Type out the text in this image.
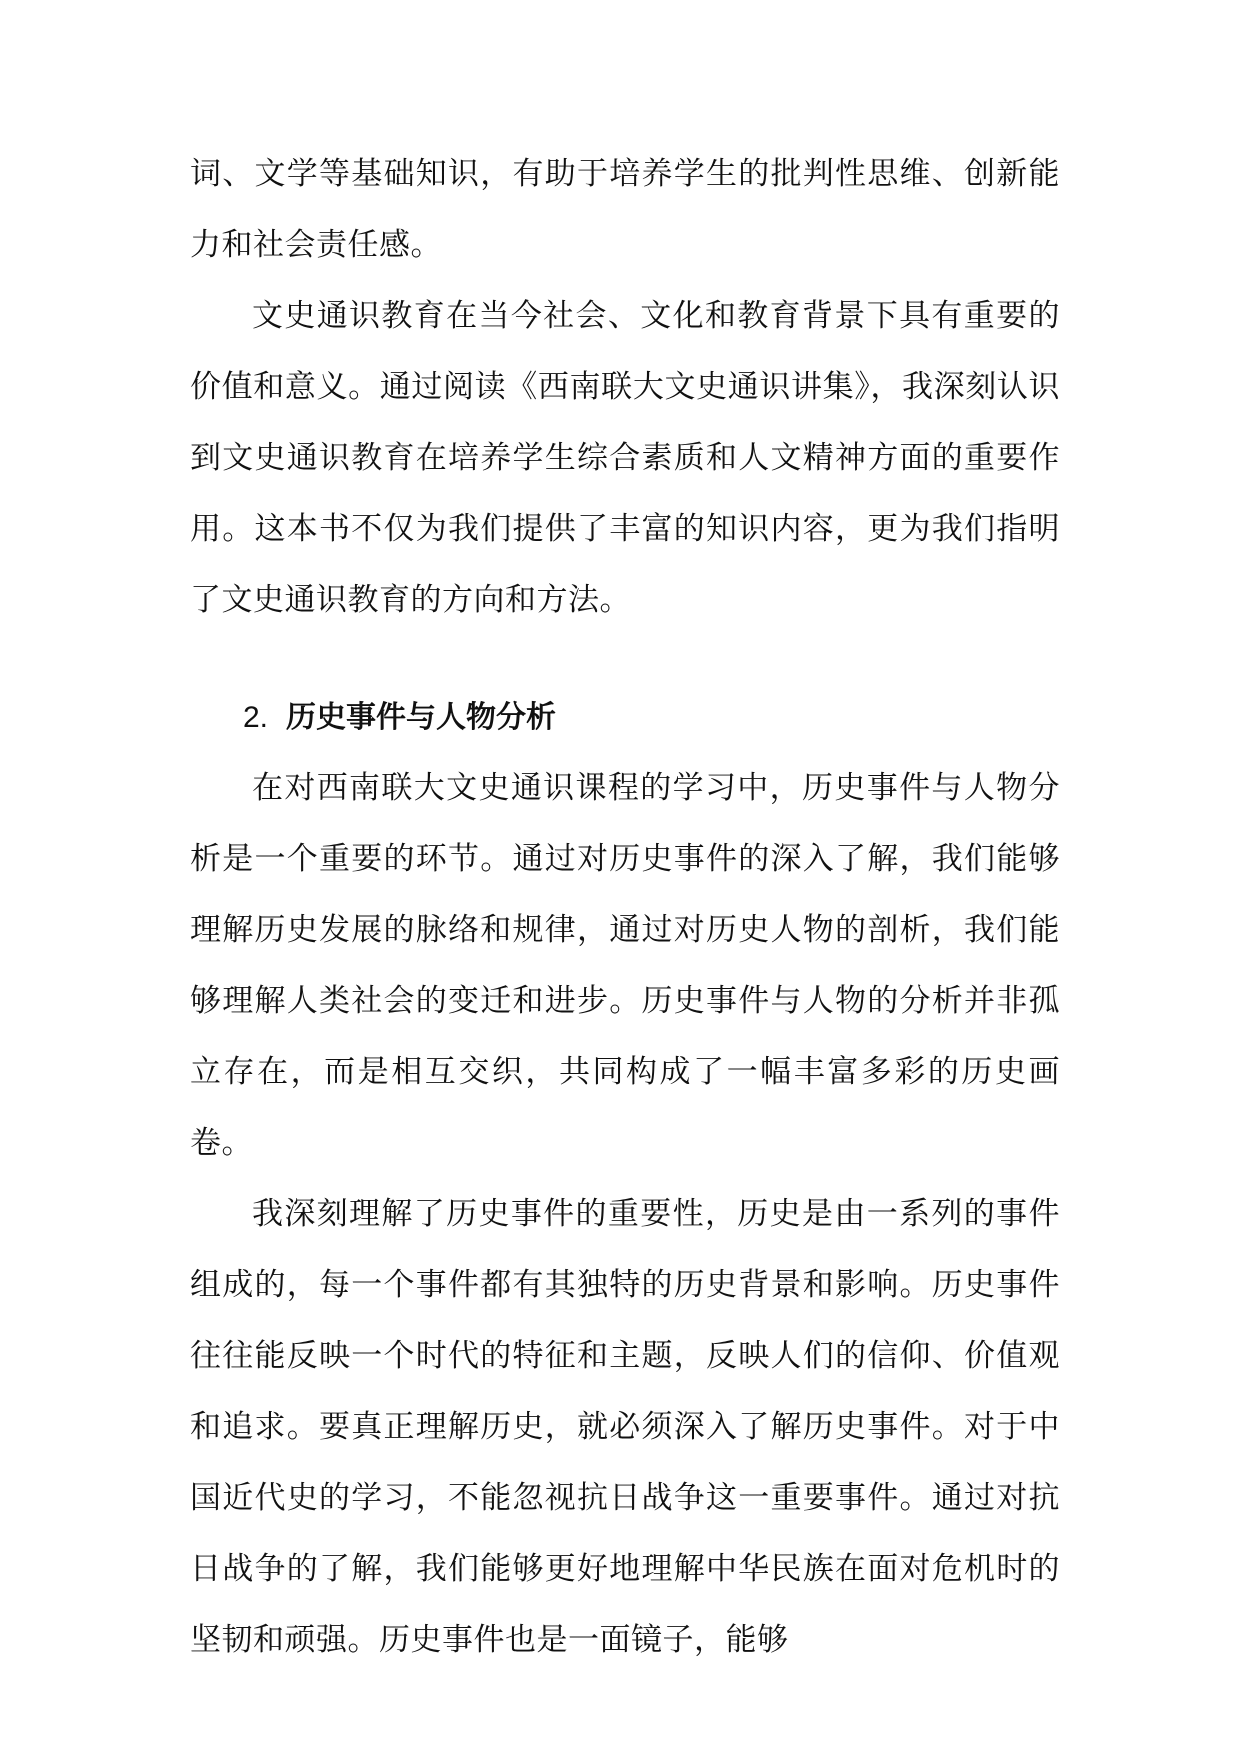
词、文学等基础知识，有助于培养学生的批判性思维、创新能力和社会责任感。

文史通识教育在当今社会、文化和教育背景下具有重要的价值和意义。通过阅读《西南联大文史通识讲集》，我深刻认识到文史通识教育在培养学生综合素质和人文精神方面的重要作用。这本书不仅为我们提供了丰富的知识内容，更为我们指明了文史通识教育的方向和方法。

2. 历史事件与人物分析

在对西南联大文史通识课程的学习中，历史事件与人物分析是一个重要的环节。通过对历史事件的深入了解，我们能够理解历史发展的脉络和规律，通过对历史人物的剖析，我们能够理解人类社会的变迁和进步。历史事件与人物的分析并非孤立存在，而是相互交织，共同构成了一幅丰富多彩的历史画卷。

我深刻理解了历史事件的重要性，历史是由一系列的事件组成的，每一个事件都有其独特的历史背景和影响。历史事件往往能反映一个时代的特征和主题，反映人们的信仰、价值观和追求。要真正理解历史，就必须深入了解历史事件。对于中国近代史的学习，不能忽视抗日战争这一重要事件。通过对抗日战争的了解，我们能够更好地理解中华民族在面对危机时的坚韧和顽强。历史事件也是一面镜子，能够
